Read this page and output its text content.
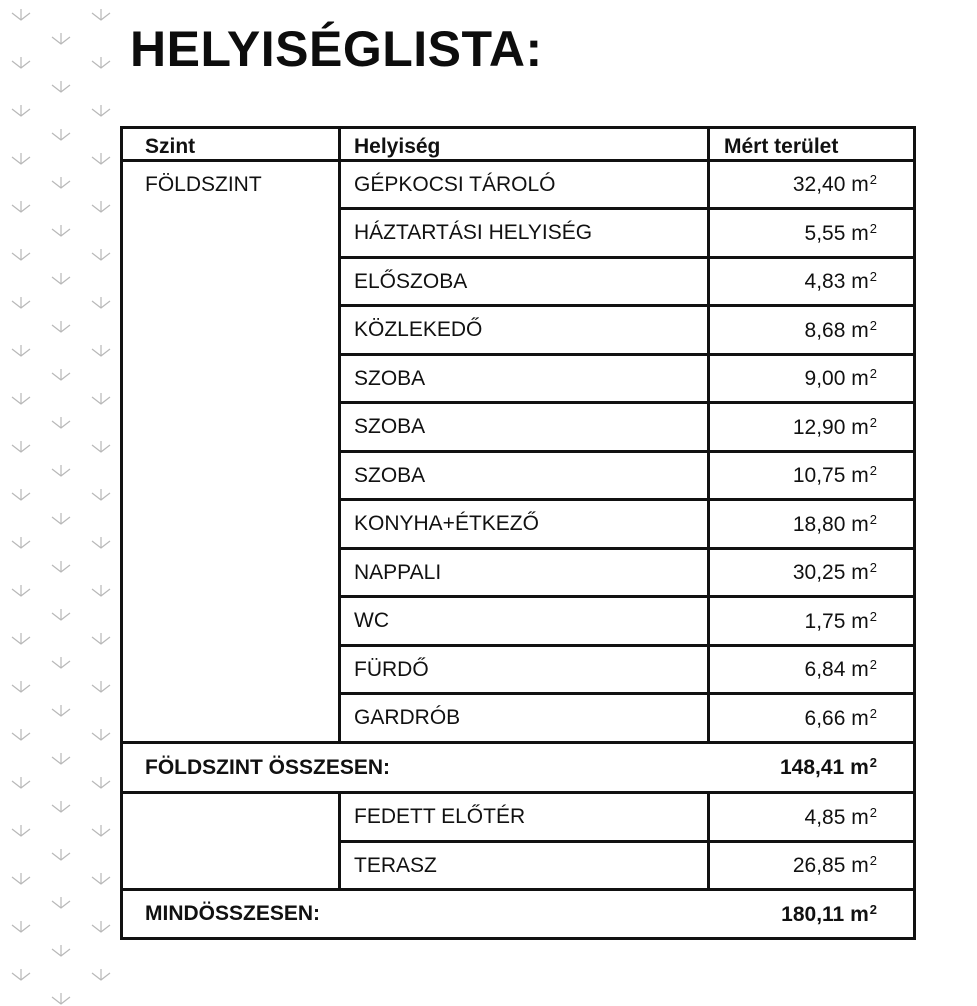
HELYISÉGLISTA:
Szint	Helyiség	Mért terület
FÖLDSZINT	GÉPKOCSI TÁROLÓ	32,40 $m^2$
	HÁZTARTÁSI HELYISÉG	5,55 $m^2$
	ELŐSZOBA	4,83 $m^2$
	KÖZLEKEDŐ	8,68 $m^2$
	SZOBA	9,00 $m^2$
	SZOBA	12,90 $m^2$
	SZOBA	10,75 $m^2$
	KONYHA+ÉTKEZŐ	18,80 $m^2$
	NAPPALI	30,25 $m^2$
	WC	1,75 $m^2$
	FÜRDŐ	6,84 $m^2$
	GARDRÓB	6,66 $m^2$
FÖLDSZINT ÖSSZESEN:		148,41 $m^2$
	FEDETT ELŐTÉR	4,85 $m^2$
	TERASZ	26,85 $m^2$
MINDÖSSZESEN:		180,11 $m^2$
